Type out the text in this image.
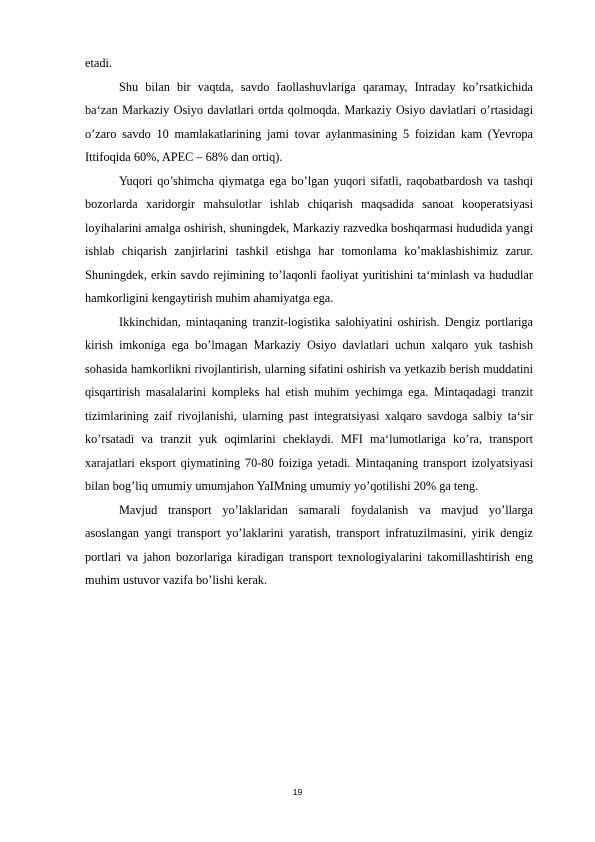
etadi.

Shu bilan bir vaqtda, savdo faollashuvlariga qaramay, Intraday ko’rsatkichida ba‘zan Markaziy Osiyo davlatlari ortda qolmoqda. Markaziy Osiyo davlatlari o’rtasidagi o’zaro savdo 10 mamlakatlarining jami tovar aylanmasining 5 foizidan kam (Yevropa Ittifoqida 60%, APEC – 68% dan ortiq).

Yuqori qo’shimcha qiymatga ega bo’lgan yuqori sifatli, raqobatbardosh va tashqi bozorlarda xaridorgir mahsulotlar ishlab chiqarish maqsadida sanoat kooperatsiyasi loyihalarini amalga oshirish, shuningdek, Markaziy razvedka boshqarmasi hududida yangi ishlab chiqarish zanjirlarini tashkil etishga har tomonlama ko’maklashishimiz zarur. Shuningdek, erkin savdo rejimining to’laqonli faoliyat yuritishini ta‘minlash va hududlar hamkorligini kengaytirish muhim ahamiyatga ega.

Ikkinchidan, mintaqaning tranzit-logistika salohiyatini oshirish. Dengiz portlariga kirish imkoniga ega bo’lmagan Markaziy Osiyo davlatlari uchun xalqaro yuk tashish sohasida hamkorlikni rivojlantirish, ularning sifatini oshirish va yetkazib berish muddatini qisqartirish masalalarini kompleks hal etish muhim yechimga ega. Mintaqadagi tranzit tizimlarining zaif rivojlanishi, ularning past integratsiyasi xalqaro savdoga salbiy ta‘sir ko’rsatadi va tranzit yuk oqimlarini cheklaydi. MFI ma‘lumotlariga ko’ra, transport xarajatlari eksport qiymatining 70-80 foiziga yetadi. Mintaqaning transport izolyatsiyasi bilan bog’liq umumiy umumjahon YaIMning umumiy yo’qotilishi 20% ga teng.

Mavjud transport yo’laklaridan samarali foydalanish va mavjud yo’llarga asoslangan yangi transport yo’laklarini yaratish, transport infratuzilmasini, yirik dengiz portlari va jahon bozorlariga kiradigan transport texnologiyalarini takomillashtirish eng muhim ustuvor vazifa bo’lishi kerak.

19
